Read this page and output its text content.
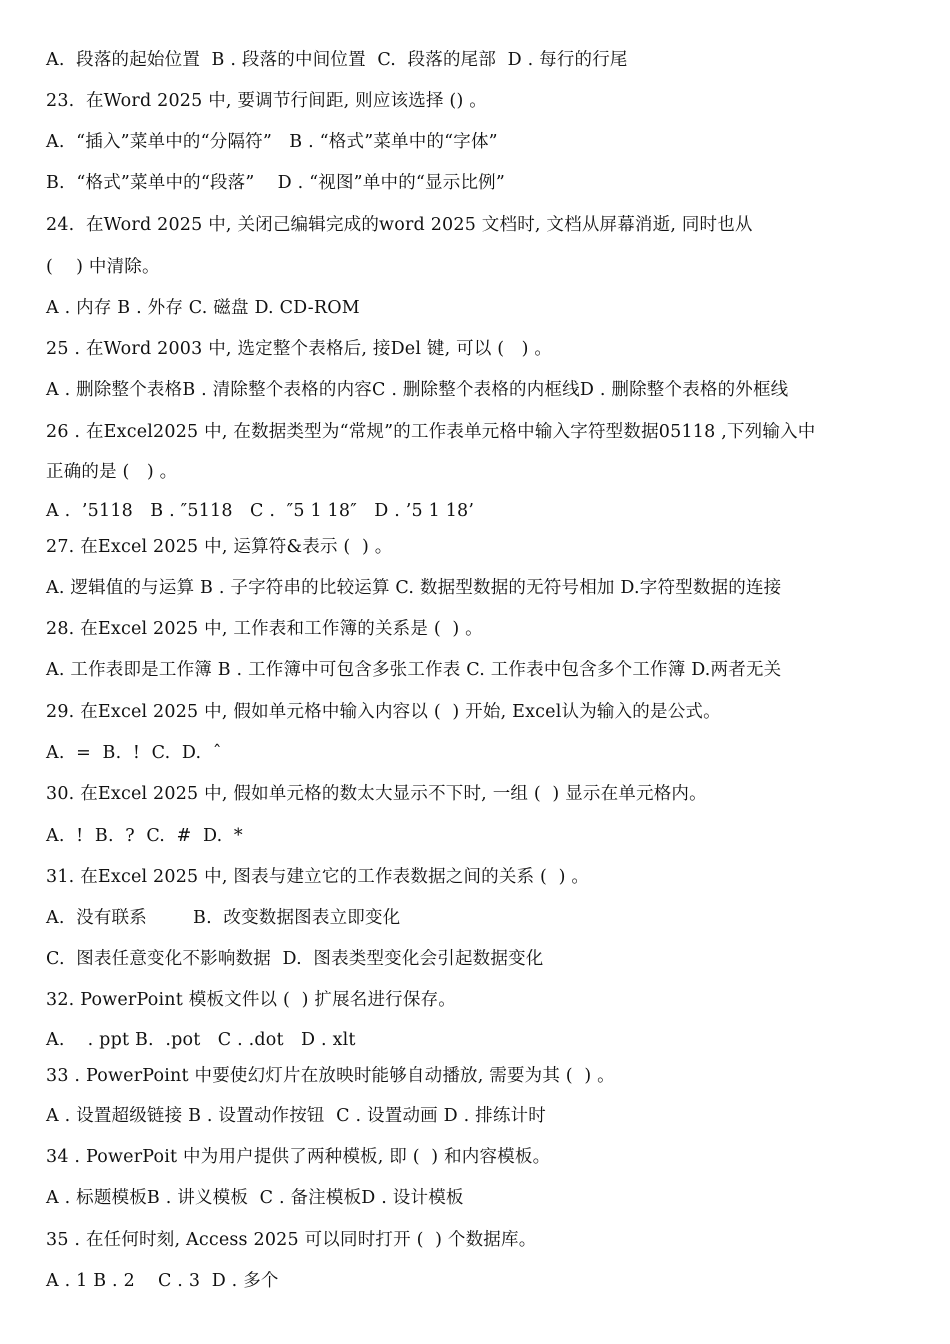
A.  段落的起始位置  B . 段落的中间位置  C.  段落的尾部  D . 每行的行尾
23.  在Word 2025 中, 要调节行间距, 则应该选择 () 。
A.  “插入”菜单中的“分隔符”   B . “格式”菜单中的“字体”
B.  “格式”菜单中的“段落”    D . “视图”单中的“显示比例”
24.  在Word 2025 中, 关闭己编辑完成的word 2025 文档时, 文档从屏幕消逝, 同时也从
(    ) 中清除。
A . 内存 B . 外存 C. 磁盘 D. CD-ROM
25 . 在Word 2003 中, 选定整个表格后, 接Del 键, 可以 (   ) 。
A . 删除整个表格B . 清除整个表格的内容C . 删除整个表格的内框线D . 删除整个表格的外框线
26 . 在Excel2025 中, 在数据类型为“常规”的工作表单元格中输入字符型数据05118 ,下列输入中
正确的是 (   ) 。
A .  ’5118   B . ″5118   C .  ″5 1 18″   D . ’5 1 18’
27. 在Excel 2025 中, 运算符&表示 (  ) 。
A. 逻辑值的与运算 B . 子字符串的比较运算 C. 数据型数据的无符号相加 D.字符型数据的连接
28. 在Excel 2025 中, 工作表和工作簿的关系是 (  ) 。
A. 工作表即是工作簿 B . 工作簿中可包含多张工作表 C. 工作表中包含多个工作簿 D.两者无关
29. 在Excel 2025 中, 假如单元格中输入内容以 (  ) 开始, Excel认为输入的是公式。
A.  =  B.  !  C.  D.  ˆ
30. 在Excel 2025 中, 假如单元格的数太大显示不下时, 一组 (  ) 显示在单元格内。
A.  !  B.  ?  C.  #  D.  *
31. 在Excel 2025 中, 图表与建立它的工作表数据之间的关系 (  ) 。
A.  没有联系        B.  改变数据图表立即变化
C.  图表任意变化不影响数据  D.  图表类型变化会引起数据变化
32. PowerPoint 模板文件以 (  ) 扩展名进行保存。
A.    . ppt B.  .pot   C . .dot   D . xlt
33 . PowerPoint 中要使幻灯片在放映时能够自动播放, 需要为其 (  ) 。
A . 设置超级链接 B . 设置动作按钮  C . 设置动画 D . 排练计时
34 . PowerPoit 中为用户提供了两种模板, 即 (  ) 和内容模板。
A . 标题模板B . 讲义模板  C . 备注模板D . 设计模板
35 . 在任何时刻, Access 2025 可以同时打开 (  ) 个数据库。
A . 1 B . 2    C . 3  D . 多个
